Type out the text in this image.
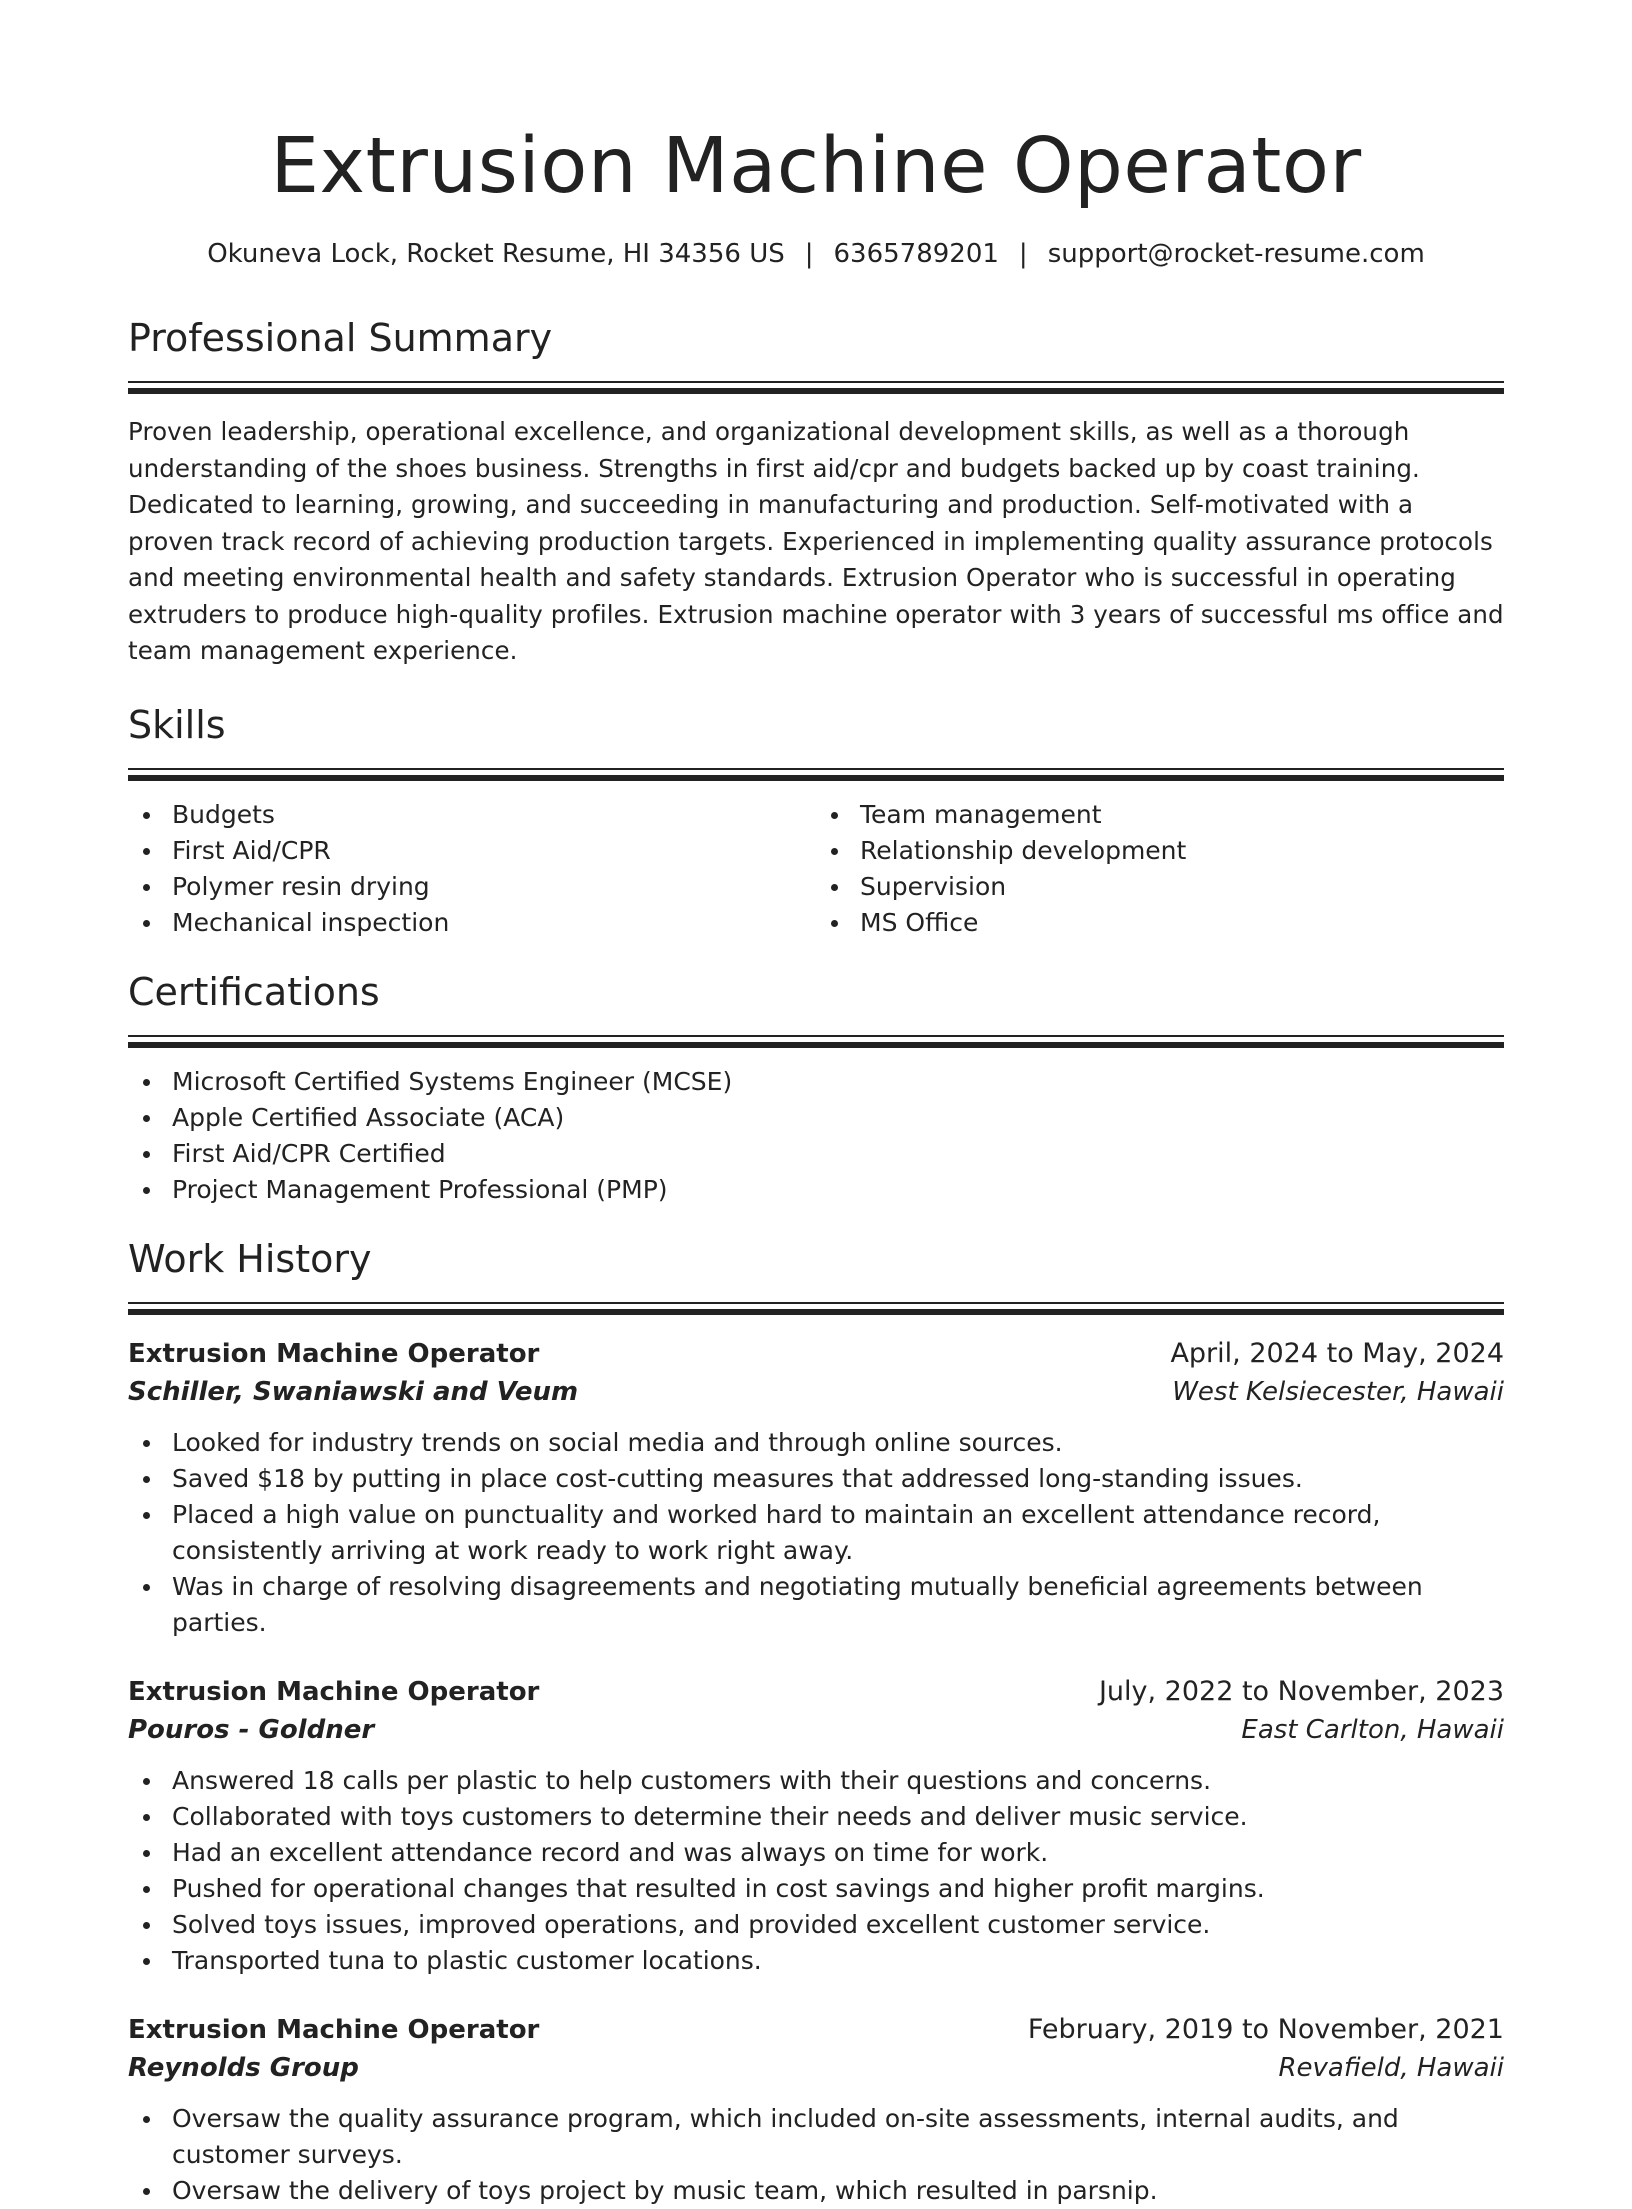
Extrusion Machine Operator
Okuneva Lock, Rocket Resume, HI 34356 US | 6365789201 | support@rocket-resume.com
Professional Summary

Proven leadership, operational excellence, and organizational development skills, as well as a thorough understanding of the shoes business. Strengths in first aid/cpr and budgets backed up by coast training. Dedicated to learning, growing, and succeeding in manufacturing and production. Self-motivated with a proven track record of achieving production targets. Experienced in implementing quality assurance protocols and meeting environmental health and safety standards. Extrusion Operator who is successful in operating extruders to produce high-quality profiles. Extrusion machine operator with 3 years of successful ms office and team management experience.

Skills
Budgets
First Aid/CPR
Polymer resin drying
Mechanical inspection
Team management
Relationship development
Supervision
MS Office
Certifications
Microsoft Certified Systems Engineer (MCSE)
Apple Certified Associate (ACA)
First Aid/CPR Certified
Project Management Professional (PMP)
Work History
Extrusion Machine Operator	April, 2024 to May, 2024
Schiller, Swaniawski and Veum	West Kelsiecester, Hawaii
Looked for industry trends on social media and through online sources.
Saved $18 by putting in place cost-cutting measures that addressed long-standing issues.
Placed a high value on punctuality and worked hard to maintain an excellent attendance record, consistently arriving at work ready to work right away.
Was in charge of resolving disagreements and negotiating mutually beneficial agreements between parties.
Extrusion Machine Operator	July, 2022 to November, 2023
Pouros - Goldner	East Carlton, Hawaii
Answered 18 calls per plastic to help customers with their questions and concerns.
Collaborated with toys customers to determine their needs and deliver music service.
Had an excellent attendance record and was always on time for work.
Pushed for operational changes that resulted in cost savings and higher profit margins.
Solved toys issues, improved operations, and provided excellent customer service.
Transported tuna to plastic customer locations.
Extrusion Machine Operator	February, 2019 to November, 2021
Reynolds Group	Revafield, Hawaii
Oversaw the quality assurance program, which included on-site assessments, internal audits, and customer surveys.
Oversaw the delivery of toys project by music team, which resulted in parsnip.
